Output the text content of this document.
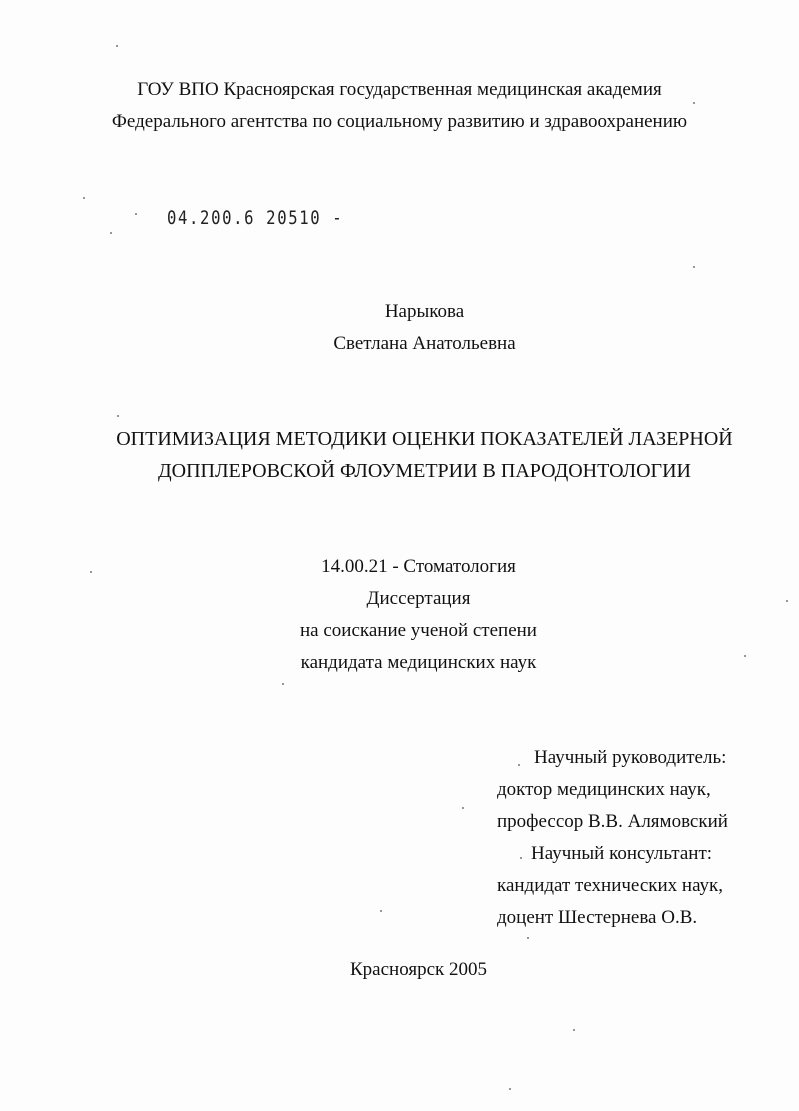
ГОУ ВПО Красноярская государственная медицинская академия
Федерального агентства по социальному развитию и здравоохранению
04.200.6 20510 -
Нарыкова
Светлана Анатольевна
ОПТИМИЗАЦИЯ МЕТОДИКИ ОЦЕНКИ ПОКАЗАТЕЛЕЙ ЛАЗЕРНОЙ
ДОППЛЕРОВСКОЙ ФЛОУМЕТРИИ В ПАРОДОНТОЛОГИИ
14.00.21 - Стоматология
Диссертация
на соискание ученой степени
кандидата медицинских наук
Научный руководитель:
доктор медицинских наук,
профессор В.В. Алямовский
Научный консультант:
кандидат технических наук,
доцент Шестернева О.В.
Красноярск 2005
